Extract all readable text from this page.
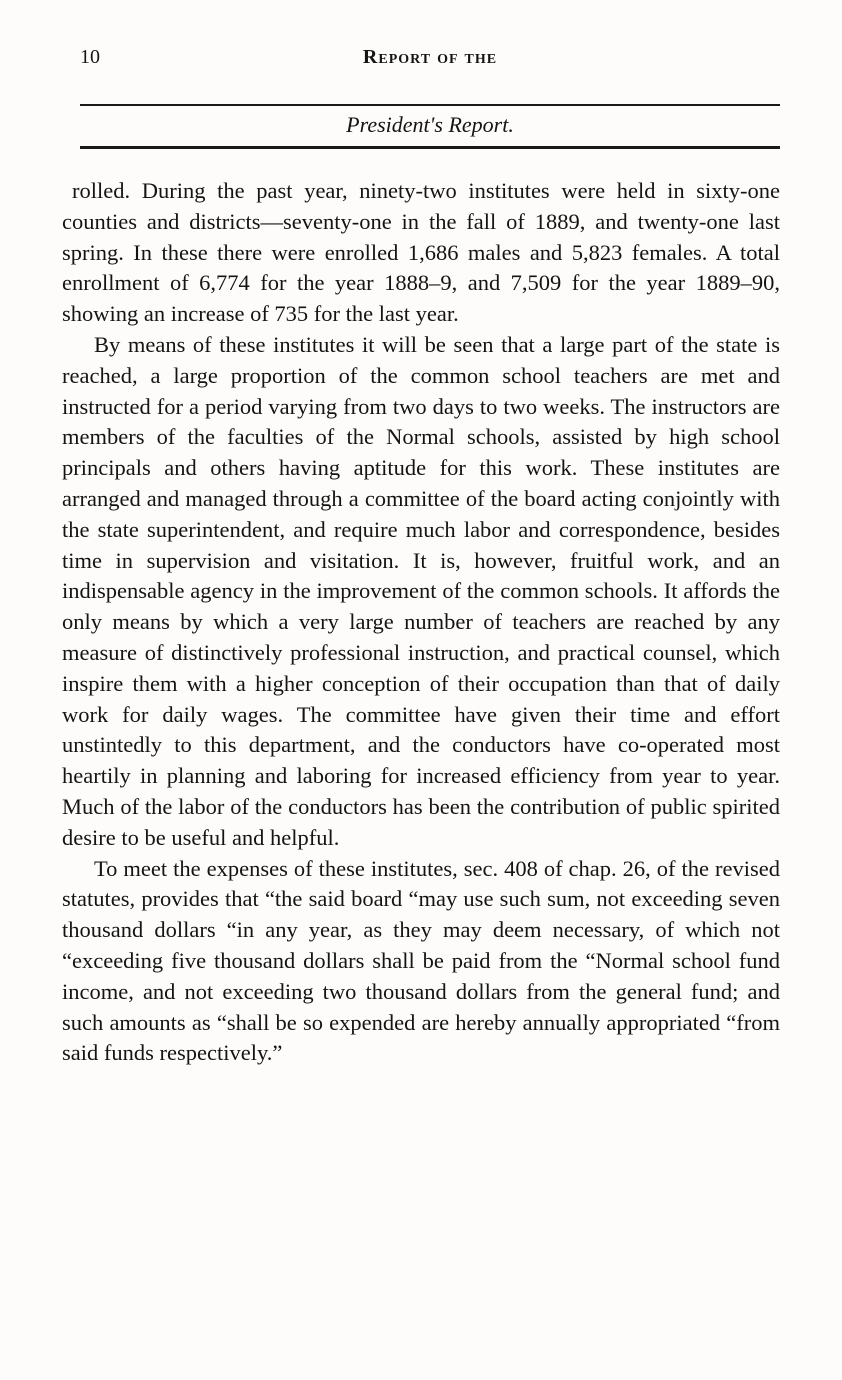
10	Report of the
President's Report.

rolled. During the past year, ninety-two institutes were held in sixty-one counties and districts—seventy-one in the fall of 1889, and twenty-one last spring. In these there were enrolled 1,686 males and 5,823 females. A total enrollment of 6,774 for the year 1888–9, and 7,509 for the year 1889–90, showing an increase of 735 for the last year.

By means of these institutes it will be seen that a large part of the state is reached, a large proportion of the common school teachers are met and instructed for a period varying from two days to two weeks. The instructors are members of the faculties of the Normal schools, assisted by high school principals and others having aptitude for this work. These institutes are arranged and managed through a committee of the board acting conjointly with the state superintendent, and require much labor and correspondence, besides time in supervision and visitation. It is, however, fruitful work, and an indispensable agency in the improvement of the common schools. It affords the only means by which a very large number of teachers are reached by any measure of distinctively professional instruction, and practical counsel, which inspire them with a higher conception of their occupation than that of daily work for daily wages. The committee have given their time and effort unstintedly to this department, and the conductors have co-operated most heartily in planning and laboring for increased efficiency from year to year. Much of the labor of the conductors has been the contribution of public spirited desire to be useful and helpful.

To meet the expenses of these institutes, sec. 408 of chap. 26, of the revised statutes, provides that “the said board “may use such sum, not exceeding seven thousand dollars “in any year, as they may deem necessary, of which not “exceeding five thousand dollars shall be paid from the “Normal school fund income, and not exceeding two thousand dollars from the general fund; and such amounts as “shall be so expended are hereby annually appropriated “from said funds respectively.”
